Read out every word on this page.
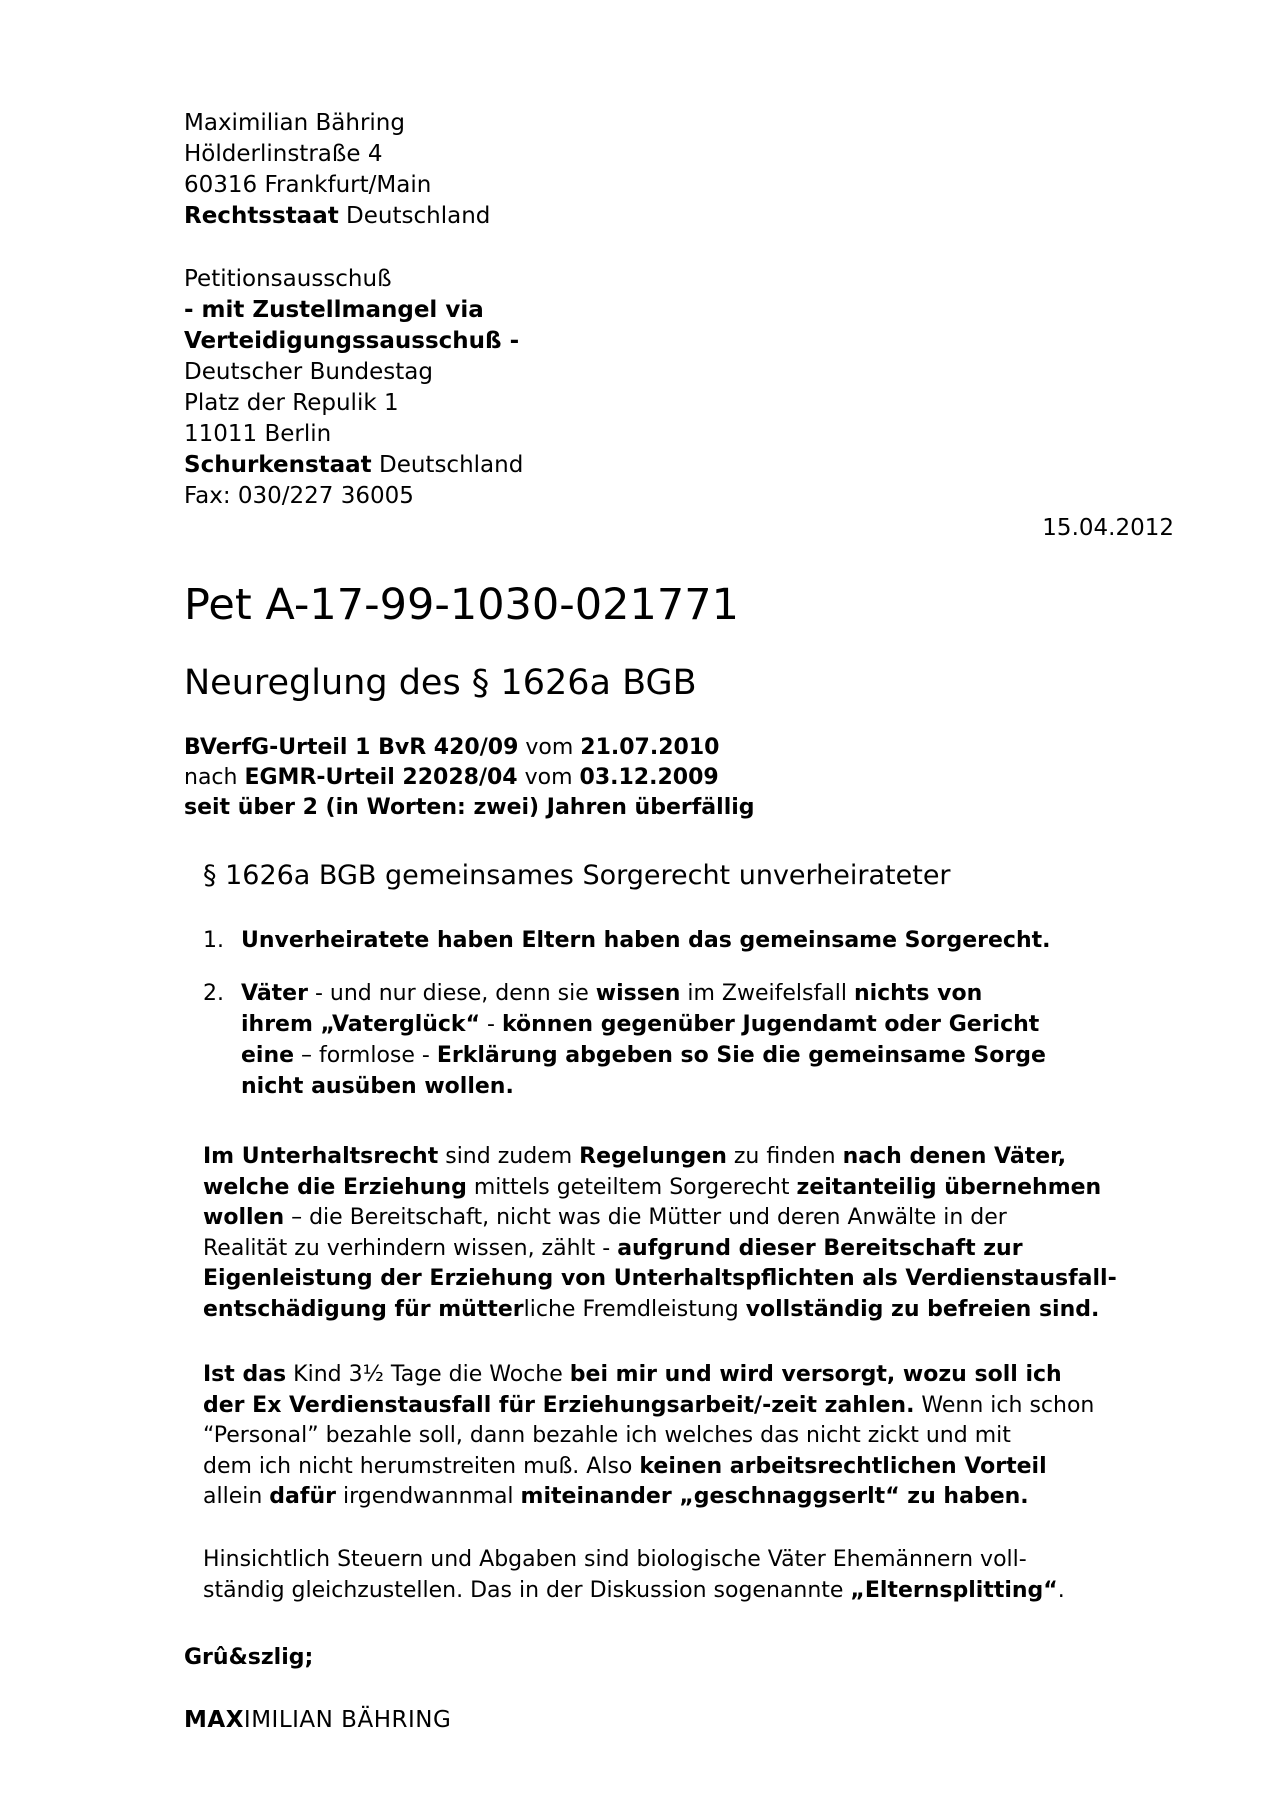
Maximilian Bähring
Hölderlinstraße 4
60316 Frankfurt/Main
Rechtsstaat Deutschland
Petitionsausschuß
- mit Zustellmangel via
Verteidigungssausschuß -
Deutscher Bundestag
Platz der Repulik 1
11011 Berlin
Schurkenstaat Deutschland
Fax: 030/227 36005
15.04.2012
Pet A-17-99-1030-021771
Neureglung des § 1626a BGB
BVerfG-Urteil 1 BvR 420/09 vom 21.07.2010
nach EGMR-Urteil 22028/04 vom 03.12.2009
seit über 2 (in Worten: zwei) Jahren überfällig
§ 1626a BGB gemeinsames Sorgerecht unverheirateter
1. Unverheiratete haben Eltern haben das gemeinsame Sorgerecht.
2. Väter - und nur diese, denn sie wissen im Zweifelsfall nichts von
ihrem „Vaterglück“ - können gegenüber Jugendamt oder Gericht
eine – formlose - Erklärung abgeben so Sie die gemeinsame Sorge
nicht ausüben wollen.
Im Unterhaltsrecht sind zudem Regelungen zu finden nach denen Väter,
welche die Erziehung mittels geteiltem Sorgerecht zeitanteilig übernehmen
wollen – die Bereitschaft, nicht was die Mütter und deren Anwälte in der
Realität zu verhindern wissen, zählt - aufgrund dieser Bereitschaft zur
Eigenleistung der Erziehung von Unterhaltspflichten als Verdienstausfall-
entschädigung für mütterliche Fremdleistung vollständig zu befreien sind.
Ist das Kind 3½ Tage die Woche bei mir und wird versorgt, wozu soll ich
der Ex Verdienstausfall für Erziehungsarbeit/-zeit zahlen. Wenn ich schon
“Personal” bezahle soll, dann bezahle ich welches das nicht zickt und mit
dem ich nicht herumstreiten muß. Also keinen arbeitsrechtlichen Vorteil
allein dafür irgendwannmal miteinander „geschnaggserlt“ zu haben.
Hinsichtlich Steuern und Abgaben sind biologische Väter Ehemännern voll-
ständig gleichzustellen. Das in der Diskussion sogenannte „Elternsplitting“.
Grû&szlig;
MAXIMILIAN BÄHRING
